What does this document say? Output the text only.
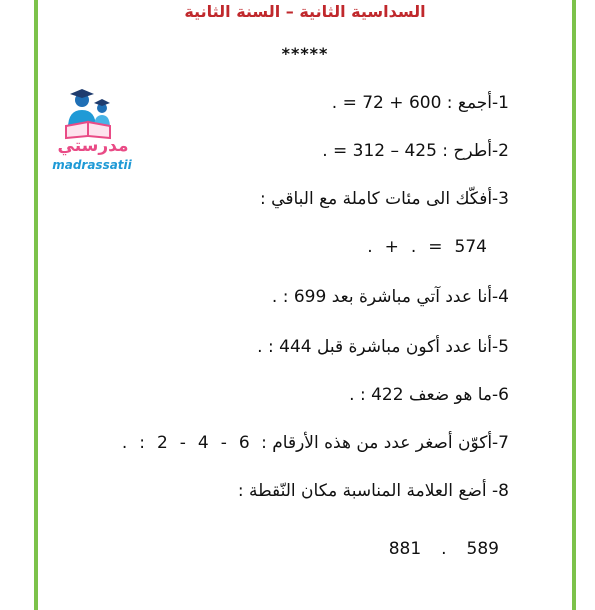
السداسية الثانية – السنة الثانية
*****
مدرستي
madrassatii
1-أجمع : 600 + 72 = .
2-أطرح : 425 – 312 = .
3-أفكّك الى مئات كاملة مع الباقي :
574=.+.
4-أنا عدد آتي مباشرة بعد 699 : .
5-أنا عدد أكون مباشرة قبل 444 : .
6-ما هو ضعف 422 : .
7-أكوّن أصغر عدد من هذه الأرقام : 6-4-2:.
8- أضع العلامة المناسبة مكان النّقطة :
881 . 589
